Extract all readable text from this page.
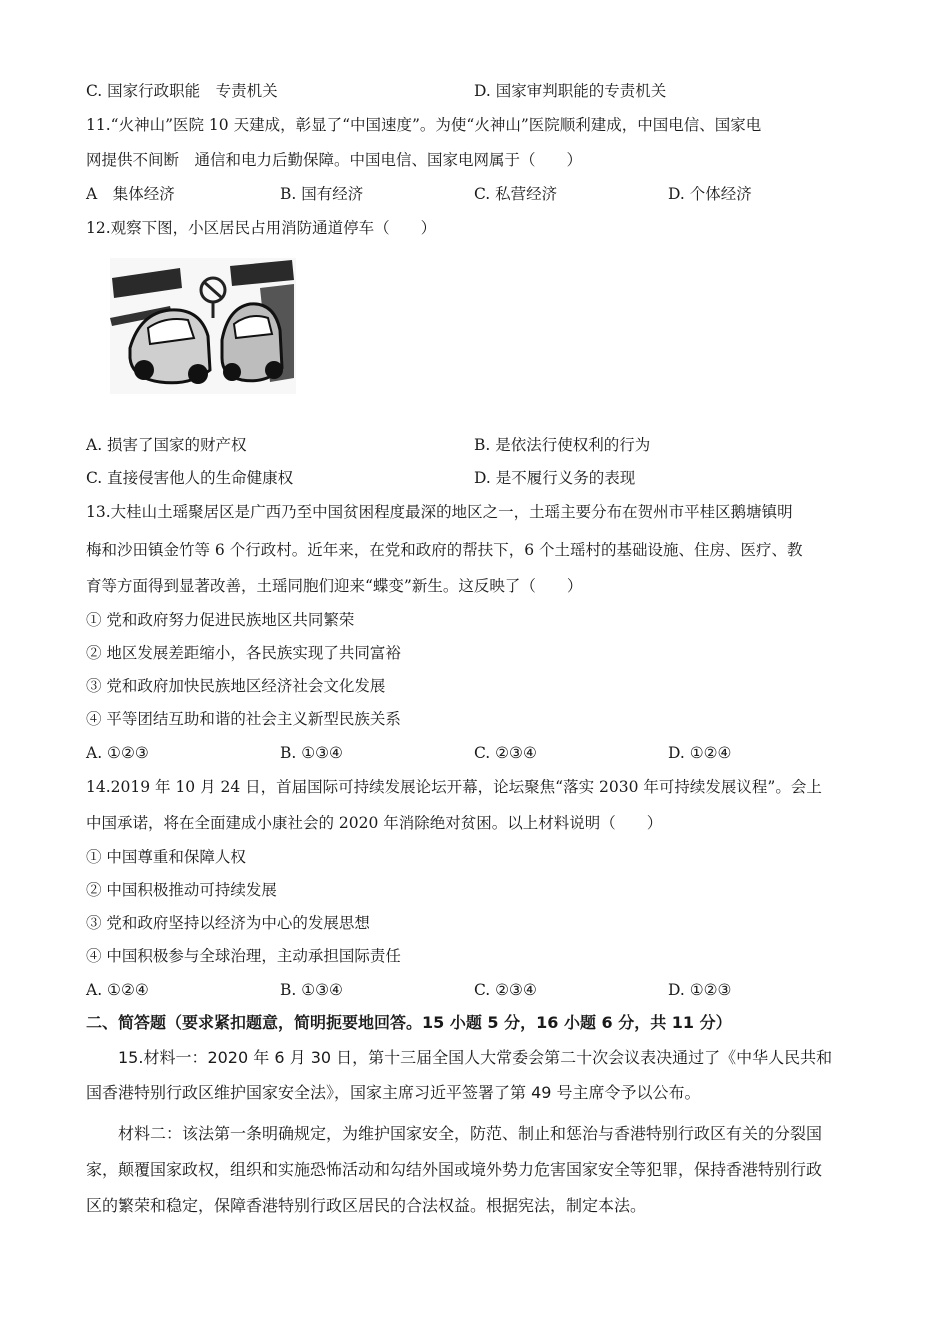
C. 国家行政职能　专责机关	D. 国家审判职能的专责机关
11.“火神山”医院 10 天建成，彰显了“中国速度”。为使“火神山”医院顺利建成，中国电信、国家电
网提供不间断　通信和电力后勤保障。中国电信、国家电网属于（　　）
A　集体经济	B. 国有经济	C. 私营经济	D. 个体经济
12.观察下图，小区居民占用消防通道停车（　　）
A. 损害了国家的财产权	B. 是依法行使权利的行为
C. 直接侵害他人的生命健康权	D. 是不履行义务的表现
13.大桂山土瑶聚居区是广西乃至中国贫困程度最深的地区之一，土瑶主要分布在贺州市平桂区鹅塘镇明
梅和沙田镇金竹等 6 个行政村。近年来，在党和政府的帮扶下，6 个土瑶村的基础设施、住房、医疗、教
育等方面得到显著改善，土瑶同胞们迎来“蝶变”新生。这反映了（　　）
① 党和政府努力促进民族地区共同繁荣
② 地区发展差距缩小，各民族实现了共同富裕
③ 党和政府加快民族地区经济社会文化发展
④ 平等团结互助和谐的社会主义新型民族关系
A. ①②③	B. ①③④	C. ②③④	D. ①②④
14.2019 年 10 月 24 日，首届国际可持续发展论坛开幕，论坛聚焦“落实 2030 年可持续发展议程”。会上
中国承诺，将在全面建成小康社会的 2020 年消除绝对贫困。以上材料说明（　　）
① 中国尊重和保障人权
② 中国积极推动可持续发展
③ 党和政府坚持以经济为中心的发展思想
④ 中国积极参与全球治理，主动承担国际责任
A. ①②④	B. ①③④	C. ②③④	D. ①②③
二、简答题（要求紧扣题意，简明扼要地回答。15 小题 5 分，16 小题 6 分，共 11 分）
15.材料一：2020 年 6 月 30 日，第十三届全国人大常委会第二十次会议表决通过了《中华人民共和
国香港特别行政区维护国家安全法》，国家主席习近平签署了第 49 号主席令予以公布。
材料二：该法第一条明确规定，为维护国家安全，防范、制止和惩治与香港特别行政区有关的分裂国
家，颠覆国家政权，组织和实施恐怖活动和勾结外国或境外势力危害国家安全等犯罪，保持香港特别行政
区的繁荣和稳定，保障香港特别行政区居民的合法权益。根据宪法，制定本法。
